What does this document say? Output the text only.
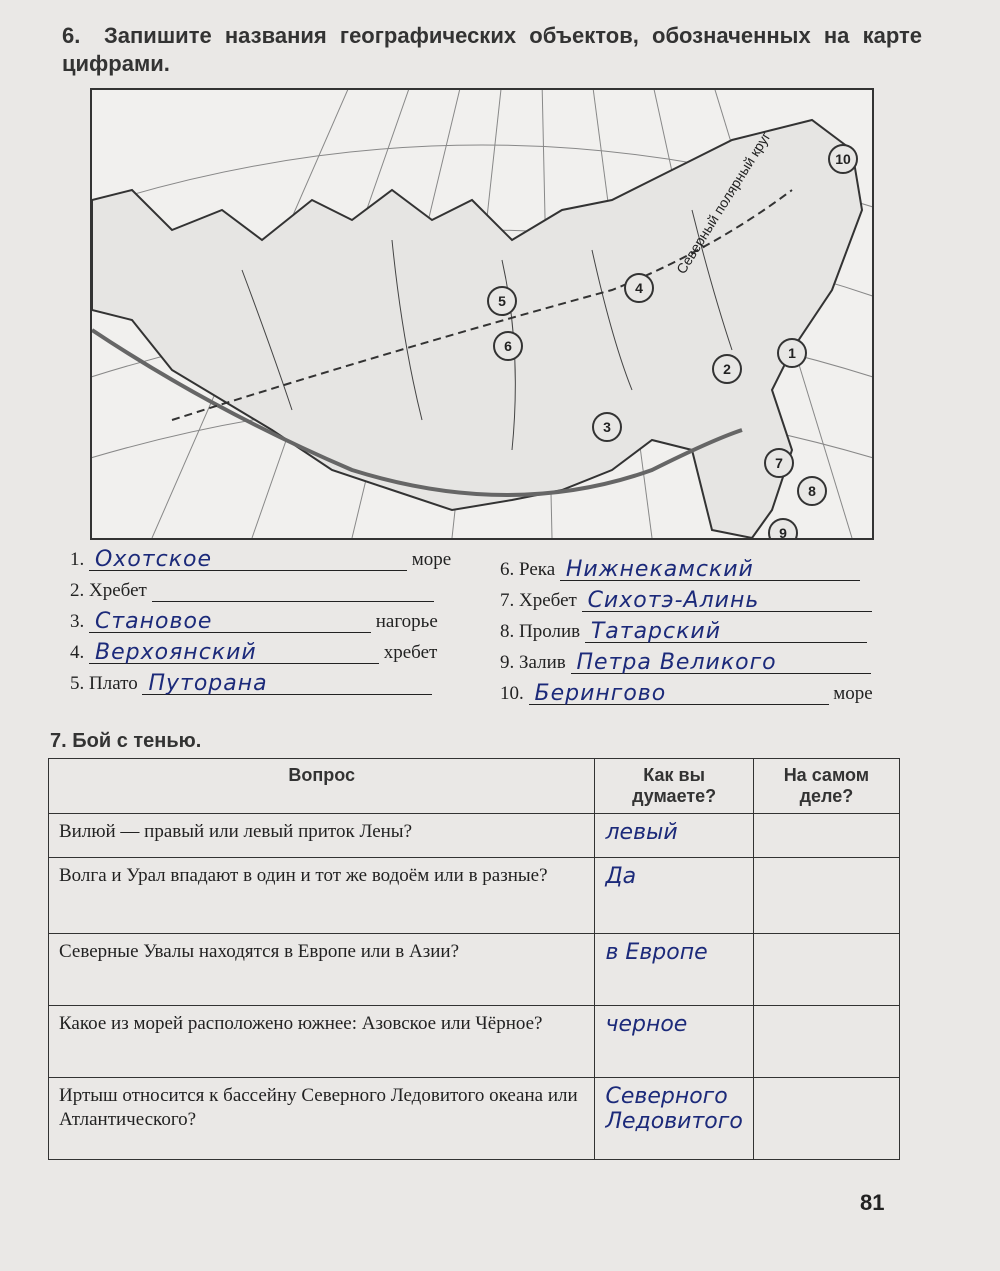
6. Запишите названия географических объектов, обозначенных на карте цифрами.
Северный полярный круг
1
2
3
4
5
6
7
8
9
10
1. Охотское	море
2. Хребет
3. Становое	нагорье
4. Верхоянский	хребет
5. Плато Путорана
6. Река Нижнекамский
7. Хребет Сихотэ-Алинь
8. Пролив Татарский
9. Залив Петра Великого
10. Берингово	море
7. Бой с тенью.
Вопрос	Как вы думаете?	На самом деле?
Вилюй — правый или левый приток Лены?	левый	
Волга и Урал впадают в один и тот же водоём или в разные?	Да	
Северные Увалы находятся в Европе или в Азии?	в Европе	
Какое из морей расположено южнее: Азовское или Чёрное?	черное	
Иртыш относится к бассейну Северного Ледовитого океана или Атлантического?	Северного Ледовитого	
81
